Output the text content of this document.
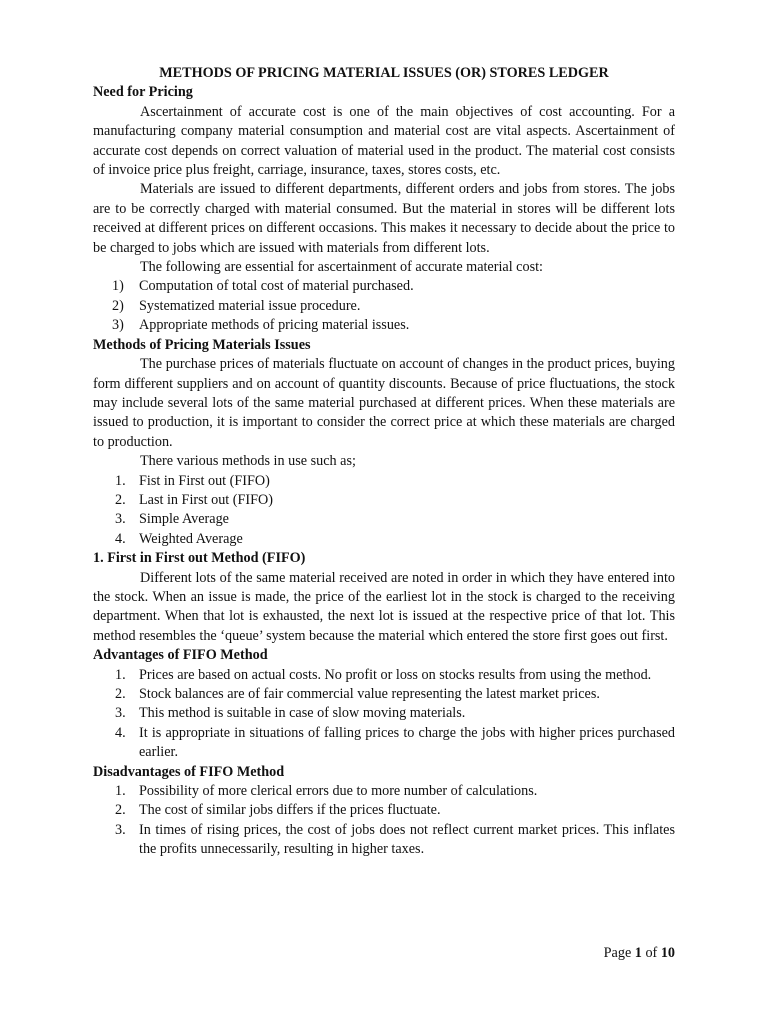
METHODS OF PRICING MATERIAL ISSUES (OR) STORES LEDGER

Need for Pricing

Ascertainment of accurate cost is one of the main objectives of cost accounting. For a manufacturing company material consumption and material cost are vital aspects. Ascertainment of accurate cost depends on correct valuation of material used in the product. The material cost consists of invoice price plus freight, carriage, insurance, taxes, stores costs, etc.

Materials are issued to different departments, different orders and jobs from stores. The jobs are to be correctly charged with material consumed. But the material in stores will be different lots received at different prices on different occasions. This makes it necessary to decide about the price to be charged to jobs which are issued with materials from different lots.

The following are essential for ascertainment of accurate material cost:

1) Computation of total cost of material purchased.
2) Systematized material issue procedure.
3) Appropriate methods of pricing material issues.

Methods of Pricing Materials Issues

The purchase prices of materials fluctuate on account of changes in the product prices, buying form different suppliers and on account of quantity discounts. Because of price fluctuations, the stock may include several lots of the same material purchased at different prices. When these materials are issued to production, it is important to consider the correct price at which these materials are charged to production.

There various methods in use such as;

1. Fist in First out (FIFO)
2. Last in First out (FIFO)
3. Simple Average
4. Weighted Average

1. First in First out Method (FIFO)

Different lots of the same material received are noted in order in which they have entered into the stock. When an issue is made, the price of the earliest lot in the stock is charged to the receiving department. When that lot is exhausted, the next lot is issued at the respective price of that lot. This method resembles the ‘queue’ system because the material which entered the store first goes out first.

Advantages of FIFO Method

1. Prices are based on actual costs. No profit or loss on stocks results from using the method.
2. Stock balances are of fair commercial value representing the latest market prices.
3. This method is suitable in case of slow moving materials.
4. It is appropriate in situations of falling prices to charge the jobs with higher prices purchased earlier.

Disadvantages of FIFO Method

1. Possibility of more clerical errors due to more number of calculations.
2. The cost of similar jobs differs if the prices fluctuate.
3. In times of rising prices, the cost of jobs does not reflect current market prices. This inflates the profits unnecessarily, resulting in higher taxes.
Page 1 of 10
